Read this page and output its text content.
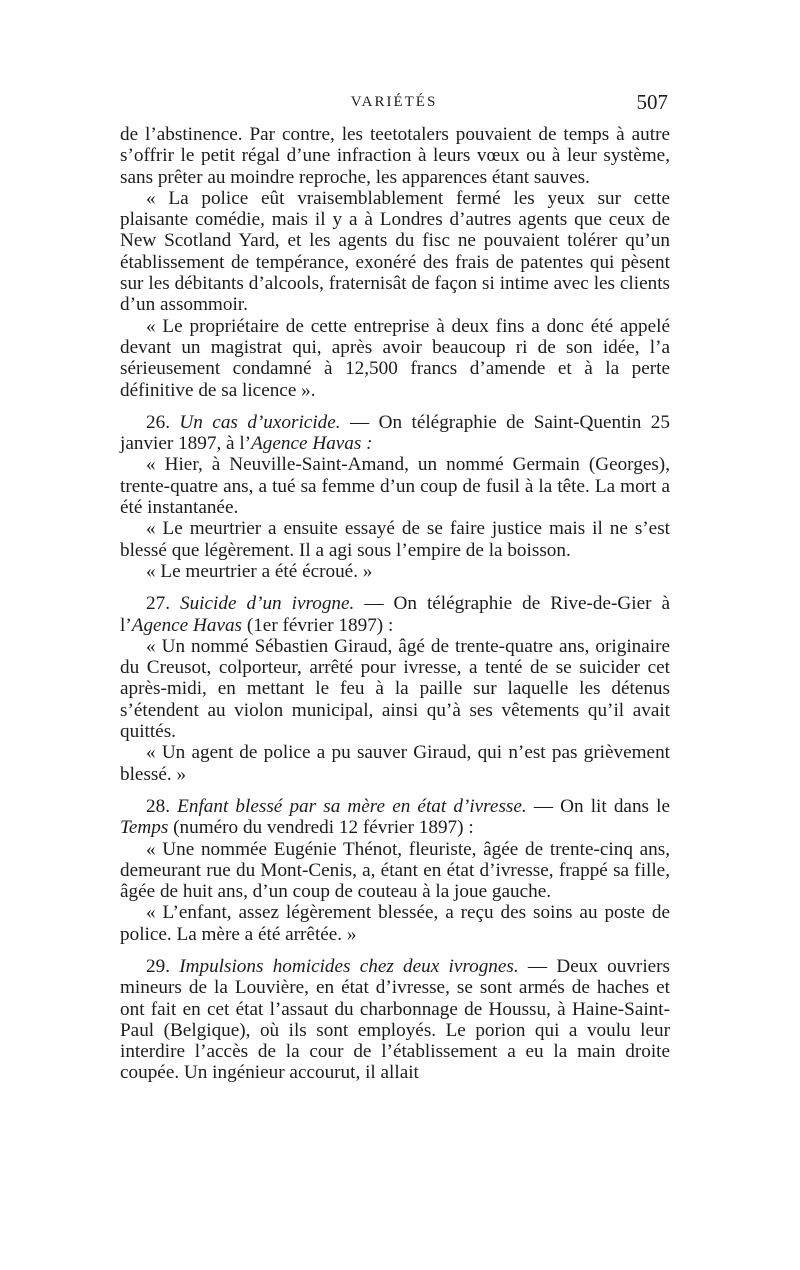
VARIÉTÉS	507

de l’abstinence. Par contre, les teetotalers pouvaient de temps à autre s’offrir le petit régal d’une infraction à leurs vœux ou à leur système, sans prêter au moindre reproche, les apparences étant sauves.

« La police eût vraisemblablement fermé les yeux sur cette plaisante comédie, mais il y a à Londres d’autres agents que ceux de New Scotland Yard, et les agents du fisc ne pouvaient tolérer qu’un établissement de tempérance, exonéré des frais de patentes qui pèsent sur les débitants d’alcools, fraternisât de façon si intime avec les clients d’un assommoir.

« Le propriétaire de cette entreprise à deux fins a donc été appelé devant un magistrat qui, après avoir beaucoup ri de son idée, l’a sérieusement condamné à 12,500 francs d’amende et à la perte définitive de sa licence ».

26. Un cas d’uxoricide. — On télégraphie de Saint-Quentin 25 janvier 1897, à l’Agence Havas :

« Hier, à Neuville-Saint-Amand, un nommé Germain (Georges), trente-quatre ans, a tué sa femme d’un coup de fusil à la tête. La mort a été instantanée.

« Le meurtrier a ensuite essayé de se faire justice mais il ne s’est blessé que légèrement. Il a agi sous l’empire de la boisson.

« Le meurtrier a été écroué. »

27. Suicide d’un ivrogne. — On télégraphie de Rive-de-Gier à l’Agence Havas (1er février 1897) :

« Un nommé Sébastien Giraud, âgé de trente-quatre ans, originaire du Creusot, colporteur, arrêté pour ivresse, a tenté de se suicider cet après-midi, en mettant le feu à la paille sur laquelle les détenus s’étendent au violon municipal, ainsi qu’à ses vêtements qu’il avait quittés.

« Un agent de police a pu sauver Giraud, qui n’est pas grièvement blessé. »

28. Enfant blessé par sa mère en état d’ivresse. — On lit dans le Temps (numéro du vendredi 12 février 1897) :

« Une nommée Eugénie Thénot, fleuriste, âgée de trente-cinq ans, demeurant rue du Mont-Cenis, a, étant en état d’ivresse, frappé sa fille, âgée de huit ans, d’un coup de couteau à la joue gauche.

« L’enfant, assez légèrement blessée, a reçu des soins au poste de police. La mère a été arrêtée. »

29. Impulsions homicides chez deux ivrognes. — Deux ouvriers mineurs de la Louvière, en état d’ivresse, se sont armés de haches et ont fait en cet état l’assaut du charbonnage de Houssu, à Haine-Saint-Paul (Belgique), où ils sont employés. Le porion qui a voulu leur interdire l’accès de la cour de l’établissement a eu la main droite coupée. Un ingénieur accourut, il allait
